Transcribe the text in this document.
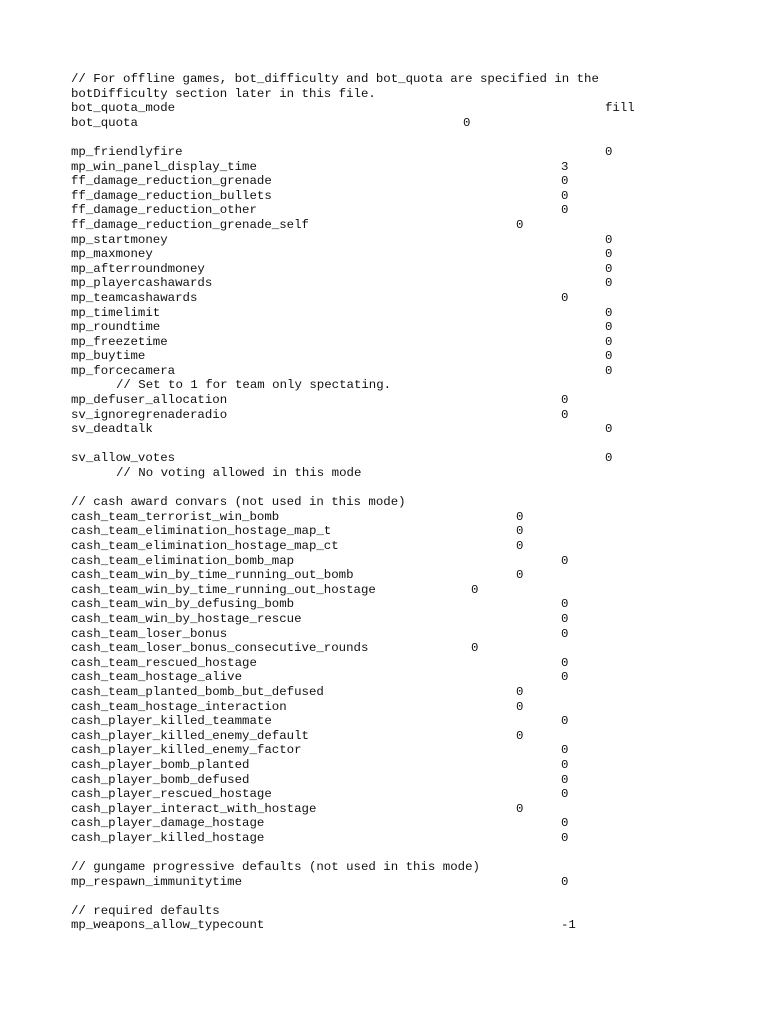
// For offline games, bot_difficulty and bot_quota are specified in the
botDifficulty section later in this file.
bot_quota_mode	fill
bot_quota	0
mp_friendlyfire	0
mp_win_panel_display_time	3
ff_damage_reduction_grenade	0
ff_damage_reduction_bullets	0
ff_damage_reduction_other	0
ff_damage_reduction_grenade_self	0
mp_startmoney	0
mp_maxmoney	0
mp_afterroundmoney	0
mp_playercashawards	0
mp_teamcashawards	0
mp_timelimit	0
mp_roundtime	0
mp_freezetime	0
mp_buytime	0
mp_forcecamera	0
// Set to 1 for team only spectating.
mp_defuser_allocation	0
sv_ignoregrenaderadio	0
sv_deadtalk	0
sv_allow_votes	0
// No voting allowed in this mode
// cash award convars (not used in this mode)
cash_team_terrorist_win_bomb	0
cash_team_elimination_hostage_map_t	0
cash_team_elimination_hostage_map_ct	0
cash_team_elimination_bomb_map	0
cash_team_win_by_time_running_out_bomb	0
cash_team_win_by_time_running_out_hostage	0
cash_team_win_by_defusing_bomb	0
cash_team_win_by_hostage_rescue	0
cash_team_loser_bonus	0
cash_team_loser_bonus_consecutive_rounds	0
cash_team_rescued_hostage	0
cash_team_hostage_alive	0
cash_team_planted_bomb_but_defused	0
cash_team_hostage_interaction	0
cash_player_killed_teammate	0
cash_player_killed_enemy_default	0
cash_player_killed_enemy_factor	0
cash_player_bomb_planted	0
cash_player_bomb_defused	0
cash_player_rescued_hostage	0
cash_player_interact_with_hostage	0
cash_player_damage_hostage	0
cash_player_killed_hostage	0
// gungame progressive defaults (not used in this mode)
mp_respawn_immunitytime	0
// required defaults
mp_weapons_allow_typecount	-1
